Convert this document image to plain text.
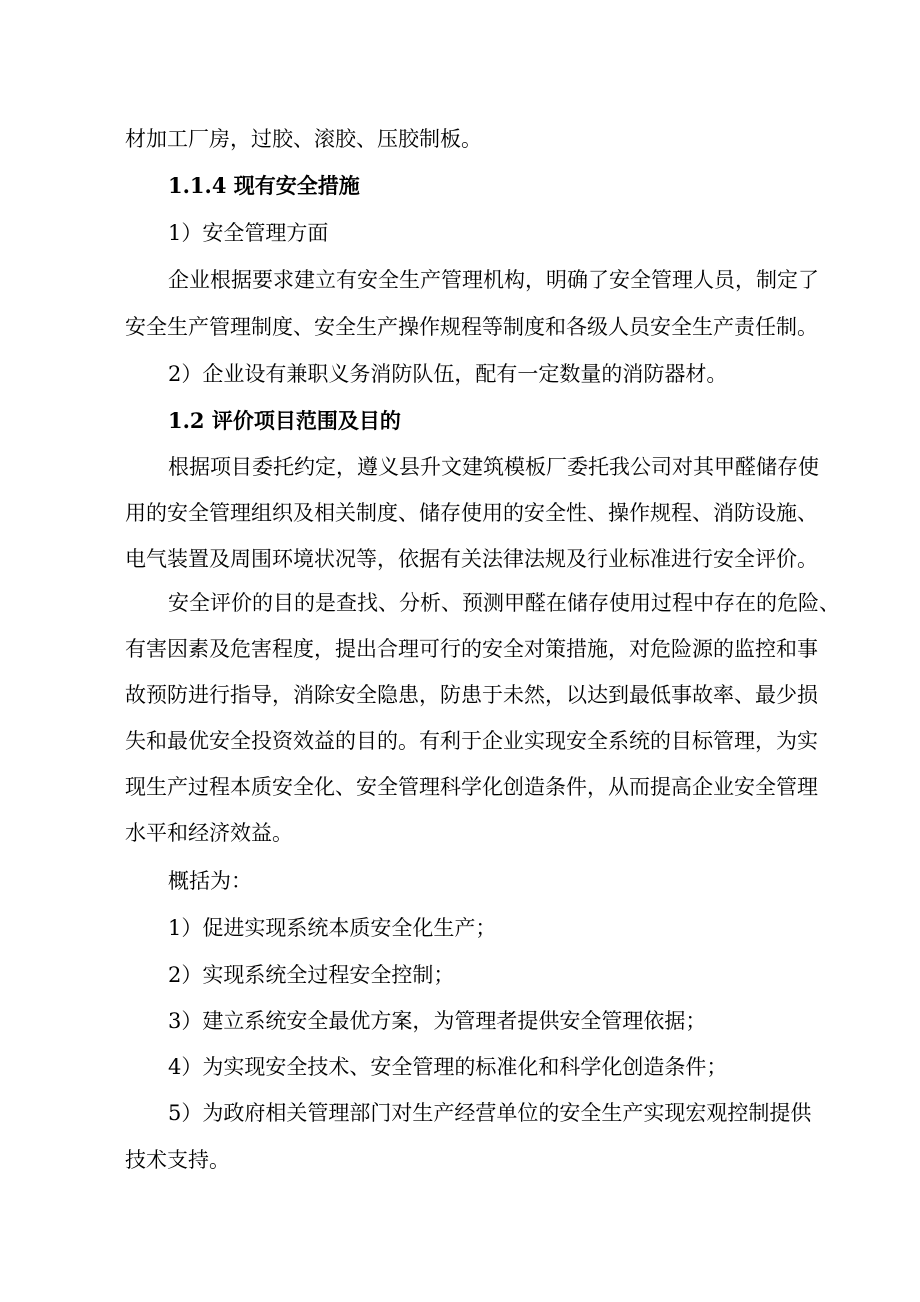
材加工厂房，过胶、滚胶、压胶制板。
1.1.4 现有安全措施
1）安全管理方面
企业根据要求建立有安全生产管理机构，明确了安全管理人员，制定了
安全生产管理制度、安全生产操作规程等制度和各级人员安全生产责任制。
2）企业设有兼职义务消防队伍，配有一定数量的消防器材。
1.2 评价项目范围及目的
根据项目委托约定，遵义县升文建筑模板厂委托我公司对其甲醛储存使
用的安全管理组织及相关制度、储存使用的安全性、操作规程、消防设施、
电气装置及周围环境状况等，依据有关法律法规及行业标准进行安全评价。
安全评价的目的是查找、分析、预测甲醛在储存使用过程中存在的危险、
有害因素及危害程度，提出合理可行的安全对策措施，对危险源的监控和事
故预防进行指导，消除安全隐患，防患于未然，以达到最低事故率、最少损
失和最优安全投资效益的目的。有利于企业实现安全系统的目标管理，为实
现生产过程本质安全化、安全管理科学化创造条件，从而提高企业安全管理
水平和经济效益。
概括为：
1）促进实现系统本质安全化生产；
2）实现系统全过程安全控制；
3）建立系统安全最优方案，为管理者提供安全管理依据；
4）为实现安全技术、安全管理的标准化和科学化创造条件；
5）为政府相关管理部门对生产经营单位的安全生产实现宏观控制提供
技术支持。
